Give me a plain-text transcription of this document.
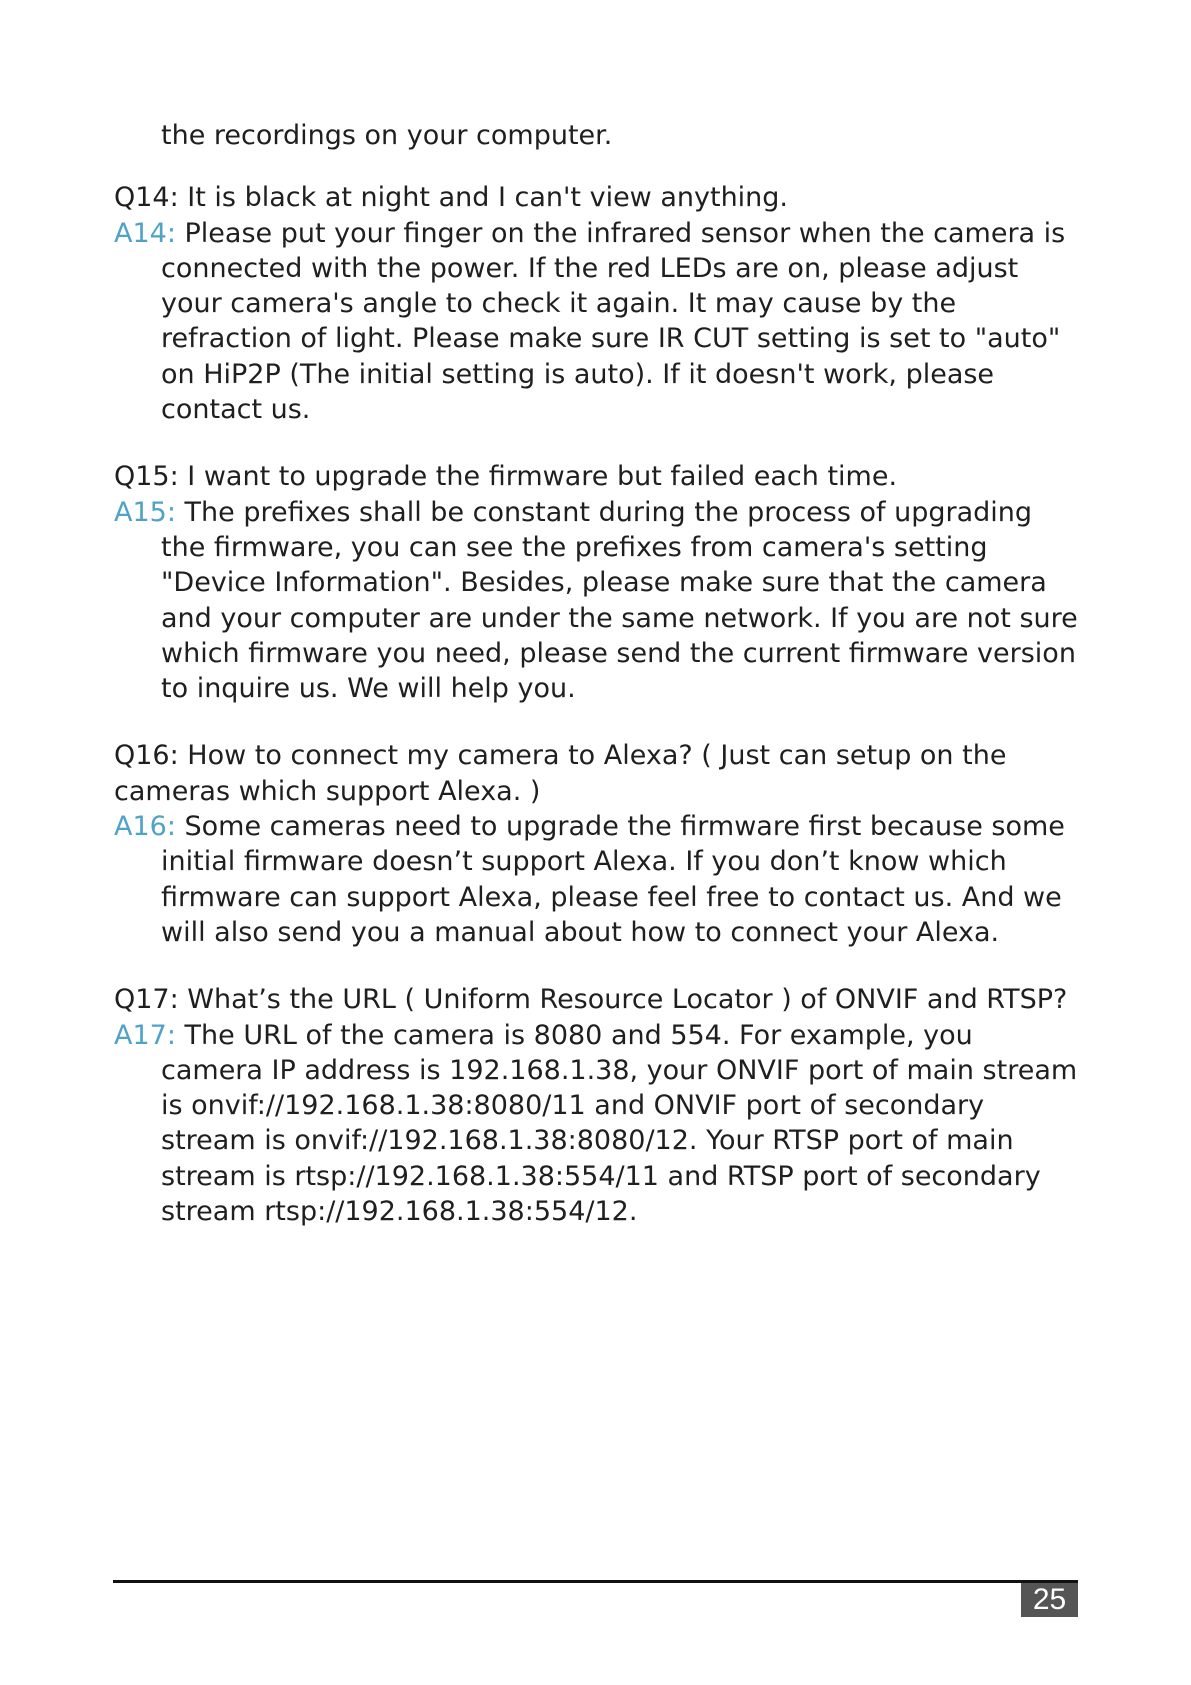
the recordings on your computer.

Q14: It is black at night and I can't view anything.

A14: Please put your finger on the infrared sensor when the camera is connected with the power. If the red LEDs are on, please adjust your camera's angle to check it again. It may cause by the refraction of light. Please make sure IR CUT setting is set to "auto" on HiP2P (The initial setting is auto). If it doesn't work, please contact us.

Q15: I want to upgrade the firmware but failed each time.

A15: The prefixes shall be constant during the process of upgrading the firmware, you can see the prefixes from camera's setting "Device Information". Besides, please make sure that the camera and your computer are under the same network. If you are not sure which firmware you need, please send the current firmware version to inquire us. We will help you.

Q16: How to connect my camera to Alexa? ( Just can setup on the cameras which support Alexa. )

A16: Some cameras need to upgrade the firmware first because some initial firmware doesn’t support Alexa. If you don’t know which firmware can support Alexa, please feel free to contact us. And we will also send you a manual about how to connect your Alexa.

Q17: What’s the URL ( Uniform Resource Locator ) of ONVIF and RTSP?

A17: The URL of the camera is 8080 and 554. For example, you camera IP address is 192.168.1.38, your ONVIF port of main stream is onvif://192.168.1.38:8080/11 and ONVIF port of secondary stream is onvif://192.168.1.38:8080/12. Your RTSP port of main stream is rtsp://192.168.1.38:554/11 and RTSP port of secondary stream rtsp://192.168.1.38:554/12.

25
